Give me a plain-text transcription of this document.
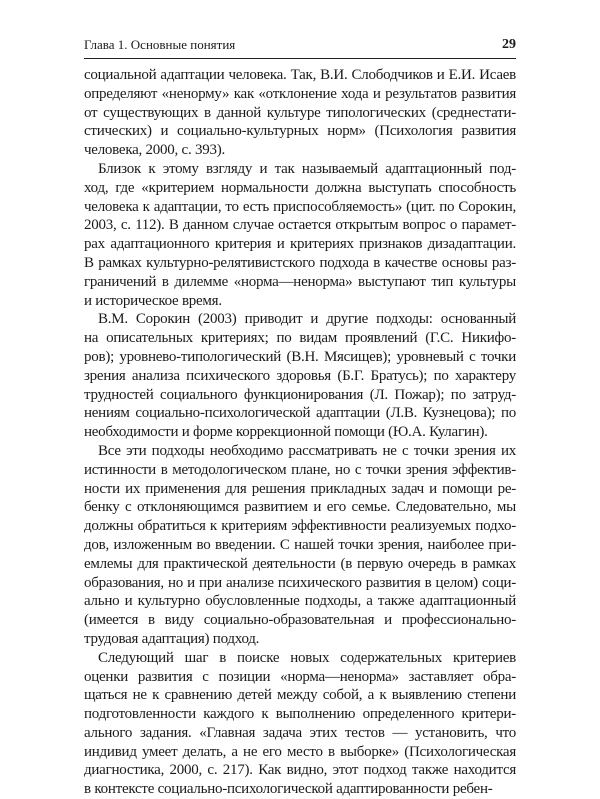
Глава 1. Основные понятия	29
социальной адаптации человека. Так, В.И. Слободчиков и Е.И. Исаев
определяют «ненорму» как «отклонение хода и результатов развития
от существующих в данной культуре типологических (среднестати-
стических) и социально-культурных норм» (Психология развития
человека, 2000, с. 393).
Близок к этому взгляду и так называемый адаптационный под-
ход, где «критерием нормальности должна выступать способность
человека к адаптации, то есть приспособляемость» (цит. по Сорокин,
2003, с. 112). В данном случае остается открытым вопрос о парамет-
рах адаптационного критерия и критериях признаков дизадаптации.
В рамках культурно-релятивистского подхода в качестве основы раз-
граничений в дилемме «норма—ненорма» выступают тип культуры
и историческое время.
В.М. Сорокин (2003) приводит и другие подходы: основанный
на описательных критериях; по видам проявлений (Г.С. Никифо-
ров); уровнево-типологический (В.Н. Мясищев); уровневый с точки
зрения анализа психического здоровья (Б.Г. Братусь); по характеру
трудностей социального функционирования (Л. Пожар); по затруд-
нениям социально-психологической адаптации (Л.В. Кузнецова); по
необходимости и форме коррекционной помощи (Ю.А. Кулагин).
Все эти подходы необходимо рассматривать не с точки зрения их
истинности в методологическом плане, но с точки зрения эффектив-
ности их применения для решения прикладных задач и помощи ре-
бенку с отклоняющимся развитием и его семье. Следовательно, мы
должны обратиться к критериям эффективности реализуемых подхо-
дов, изложенным во введении. С нашей точки зрения, наиболее при-
емлемы для практической деятельности (в первую очередь в рамках
образования, но и при анализе психического развития в целом) соци-
ально и культурно обусловленные подходы, а также адаптационный
(имеется в виду социально-образовательная и профессионально-
трудовая адаптация) подход.
Следующий шаг в поиске новых содержательных критериев
оценки развития с позиции «норма—ненорма» заставляет обра-
щаться не к сравнению детей между собой, а к выявлению степени
подготовленности каждого к выполнению определенного критери-
ального задания. «Главная задача этих тестов — установить, что
индивид умеет делать, а не его место в выборке» (Психологическая
диагностика, 2000, с. 217). Как видно, этот подход также находится
в контексте социально-психологической адаптированности ребен-
